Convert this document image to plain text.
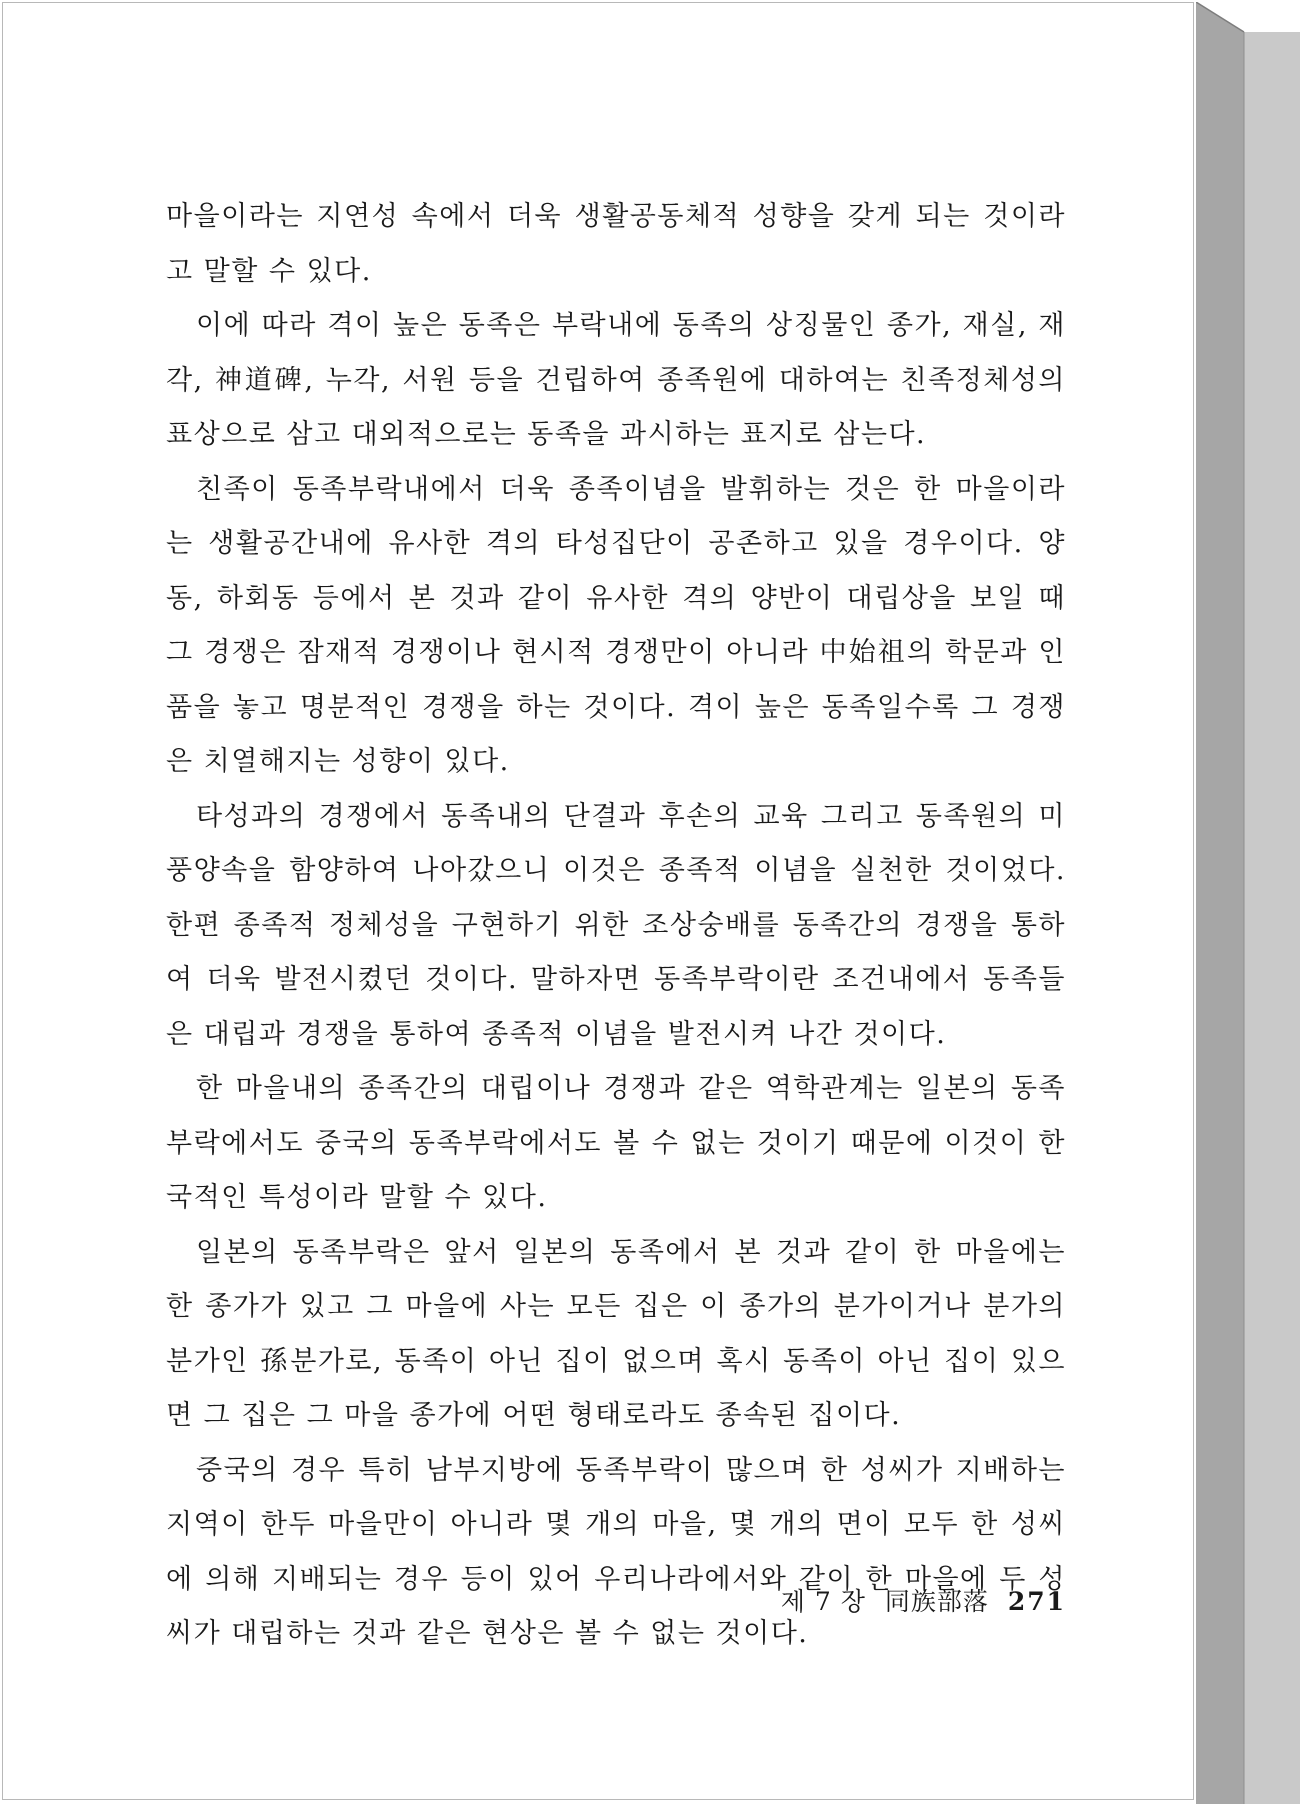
마을이라는 지연성 속에서 더욱 생활공동체적 성향을 갖게 되는 것이라고 말할 수 있다.

이에 따라 격이 높은 동족은 부락내에 동족의 상징물인 종가, 재실, 재각, 神道碑, 누각, 서원 등을 건립하여 종족원에 대하여는 친족정체성의 표상으로 삼고 대외적으로는 동족을 과시하는 표지로 삼는다.

친족이 동족부락내에서 더욱 종족이념을 발휘하는 것은 한 마을이라는 생활공간내에 유사한 격의 타성집단이 공존하고 있을 경우이다. 양동, 하회동 등에서 본 것과 같이 유사한 격의 양반이 대립상을 보일 때 그 경쟁은 잠재적 경쟁이나 현시적 경쟁만이 아니라 中始祖의 학문과 인품을 놓고 명분적인 경쟁을 하는 것이다. 격이 높은 동족일수록 그 경쟁은 치열해지는 성향이 있다.

타성과의 경쟁에서 동족내의 단결과 후손의 교육 그리고 동족원의 미풍양속을 함양하여 나아갔으니 이것은 종족적 이념을 실천한 것이었다. 한편 종족적 정체성을 구현하기 위한 조상숭배를 동족간의 경쟁을 통하여 더욱 발전시켰던 것이다. 말하자면 동족부락이란 조건내에서 동족들은 대립과 경쟁을 통하여 종족적 이념을 발전시켜 나간 것이다.

한 마을내의 종족간의 대립이나 경쟁과 같은 역학관계는 일본의 동족부락에서도 중국의 동족부락에서도 볼 수 없는 것이기 때문에 이것이 한국적인 특성이라 말할 수 있다.

일본의 동족부락은 앞서 일본의 동족에서 본 것과 같이 한 마을에는 한 종가가 있고 그 마을에 사는 모든 집은 이 종가의 분가이거나 분가의 분가인 孫분가로, 동족이 아닌 집이 없으며 혹시 동족이 아닌 집이 있으면 그 집은 그 마을 종가에 어떤 형태로라도 종속된 집이다.

중국의 경우 특히 남부지방에 동족부락이 많으며 한 성씨가 지배하는 지역이 한두 마을만이 아니라 몇 개의 마을, 몇 개의 면이 모두 한 성씨에 의해 지배되는 경우 등이 있어 우리나라에서와 같이 한 마을에 두 성씨가 대립하는 것과 같은 현상은 볼 수 없는 것이다.

제 7 장 同族部落 271
